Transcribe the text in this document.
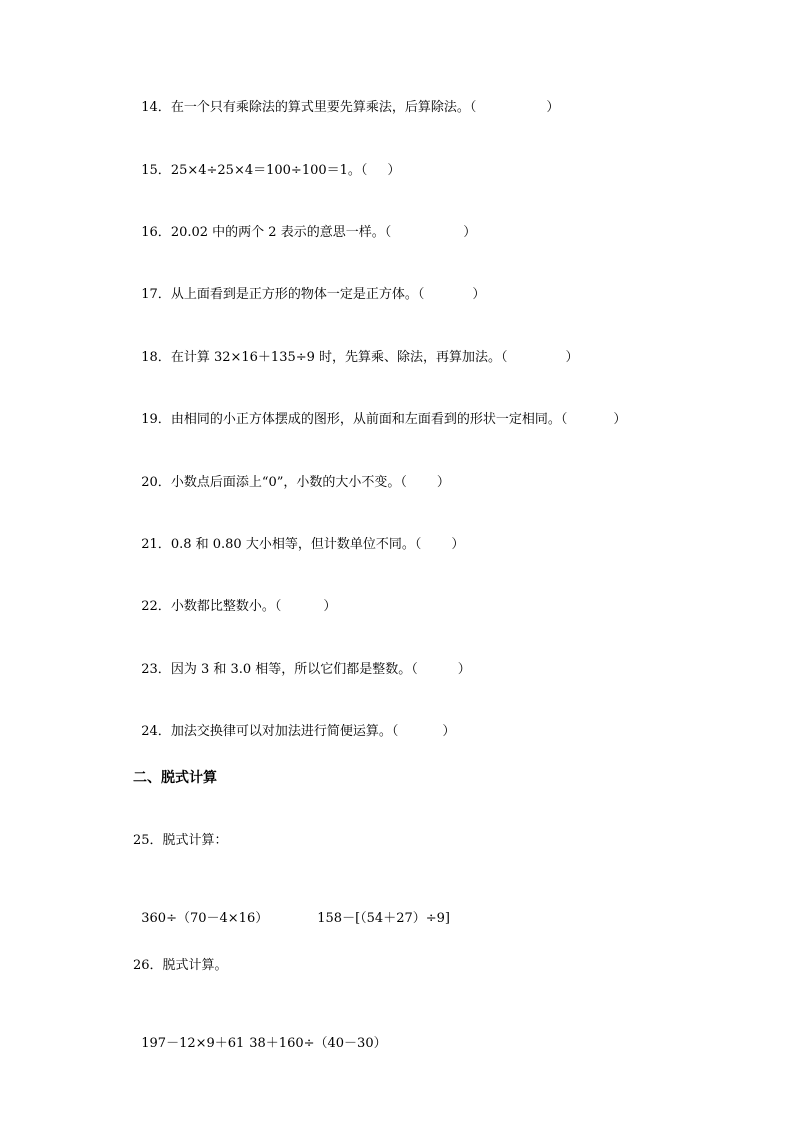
14．在一个只有乘除法的算式里要先算乘法，后算除法。（	）

15．25×4÷25×4＝100÷100＝1。（ ）

16．20.02 中的两个 2 表示的意思一样。（	）

17．从上面看到是正方形的物体一定是正方体。（	）

18．在计算 32×16＋135÷9 时，先算乘、除法，再算加法。（	）

19．由相同的小正方体摆成的图形，从前面和左面看到的形状一定相同。（	）

20．小数点后面添上“0”，小数的大小不变。（ ）

21．0.8 和 0.80 大小相等，但计数单位不同。（ ）

22．小数都比整数小。（	）

23．因为 3 和 3.0 相等，所以它们都是整数。（	）

24．加法交换律可以对加法进行简便运算。（	）

二、脱式计算
25．脱式计算：

360÷（70－4×16）	158－[（54＋27）÷9]

26．脱式计算。

197－12×9＋61 38＋160÷（40－30）
